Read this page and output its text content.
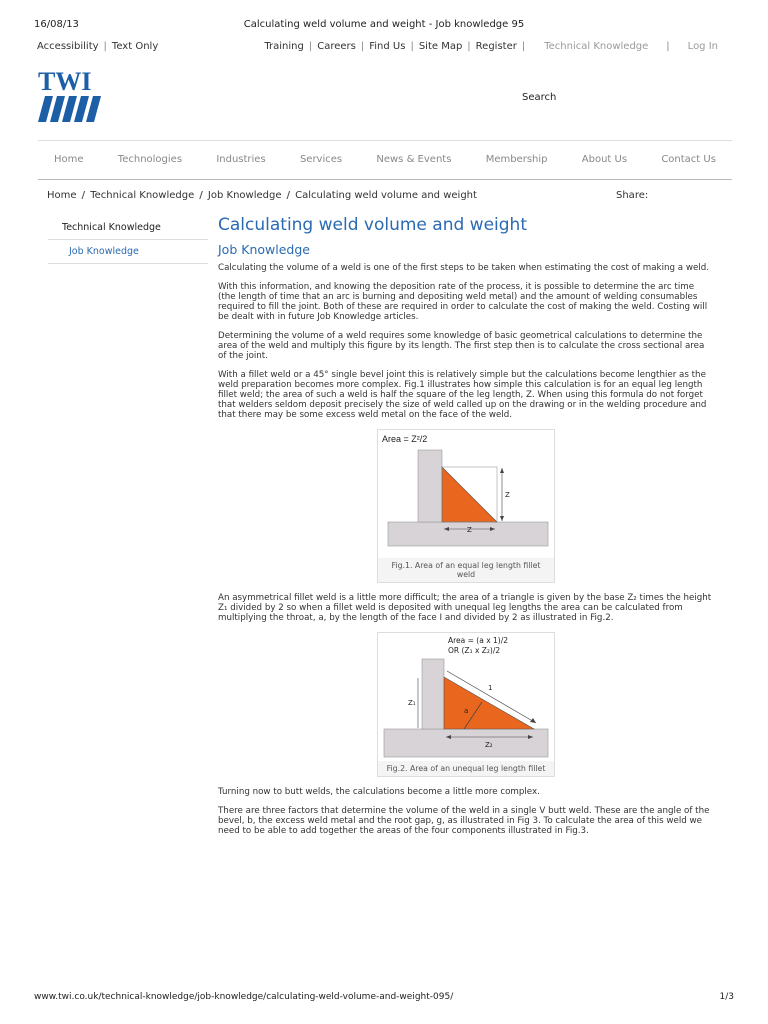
16/08/13	Calculating weld volume and weight - Job knowledge 95
Accessibility | Text Only	Training | Careers | Find Us | Site Map | Register | Technical Knowledge | Log In
TWI
Search
Home	Technologies	Industries	Services	News & Events	Membership	About Us	Contact Us
Home / Technical Knowledge / Job Knowledge / Calculating weld volume and weight	Share:
Technical Knowledge
Job Knowledge
Calculating weld volume and weight
Job Knowledge

Calculating the volume of a weld is one of the first steps to be taken when estimating the cost of making a weld.

With this information, and knowing the deposition rate of the process, it is possible to determine the arc time (the length of time that an arc is burning and depositing weld metal) and the amount of welding consumables required to fill the joint. Both of these are required in order to calculate the cost of making the weld. Costing will be dealt with in future Job Knowledge articles.

Determining the volume of a weld requires some knowledge of basic geometrical calculations to determine the area of the weld and multiply this figure by its length. The first step then is to calculate the cross sectional area of the joint.

With a fillet weld or a 45° single bevel joint this is relatively simple but the calculations become lengthier as the weld preparation becomes more complex. Fig.1 illustrates how simple this calculation is for an equal leg length fillet weld; the area of such a weld is half the square of the leg length, Z. When using this formula do not forget that welders seldom deposit precisely the size of weld called up on the drawing or in the welding procedure and that there may be some excess weld metal on the face of the weld.

Area = Z²/2
Z
Z
Fig.1. Area of an equal leg length fillet weld

An asymmetrical fillet weld is a little more difficult; the area of a triangle is given by the base Z₂ times the height Z₁ divided by 2 so when a fillet weld is deposited with unequal leg lengths the area can be calculated from multiplying the throat, a, by the length of the face I and divided by 2 as illustrated in Fig.2.

Area = (a x 1)/2
OR (Z₁ x Z₂)/2
1
a
Z₁
Z₂
Fig.2. Area of an unequal leg length fillet

Turning now to butt welds, the calculations become a little more complex.

There are three factors that determine the volume of the weld in a single V butt weld. These are the angle of the bevel, b, the excess weld metal and the root gap, g, as illustrated in Fig 3. To calculate the area of this weld we need to be able to add together the areas of the four components illustrated in Fig.3.

www.twi.co.uk/technical-knowledge/job-knowledge/calculating-weld-volume-and-weight-095/	1/3
